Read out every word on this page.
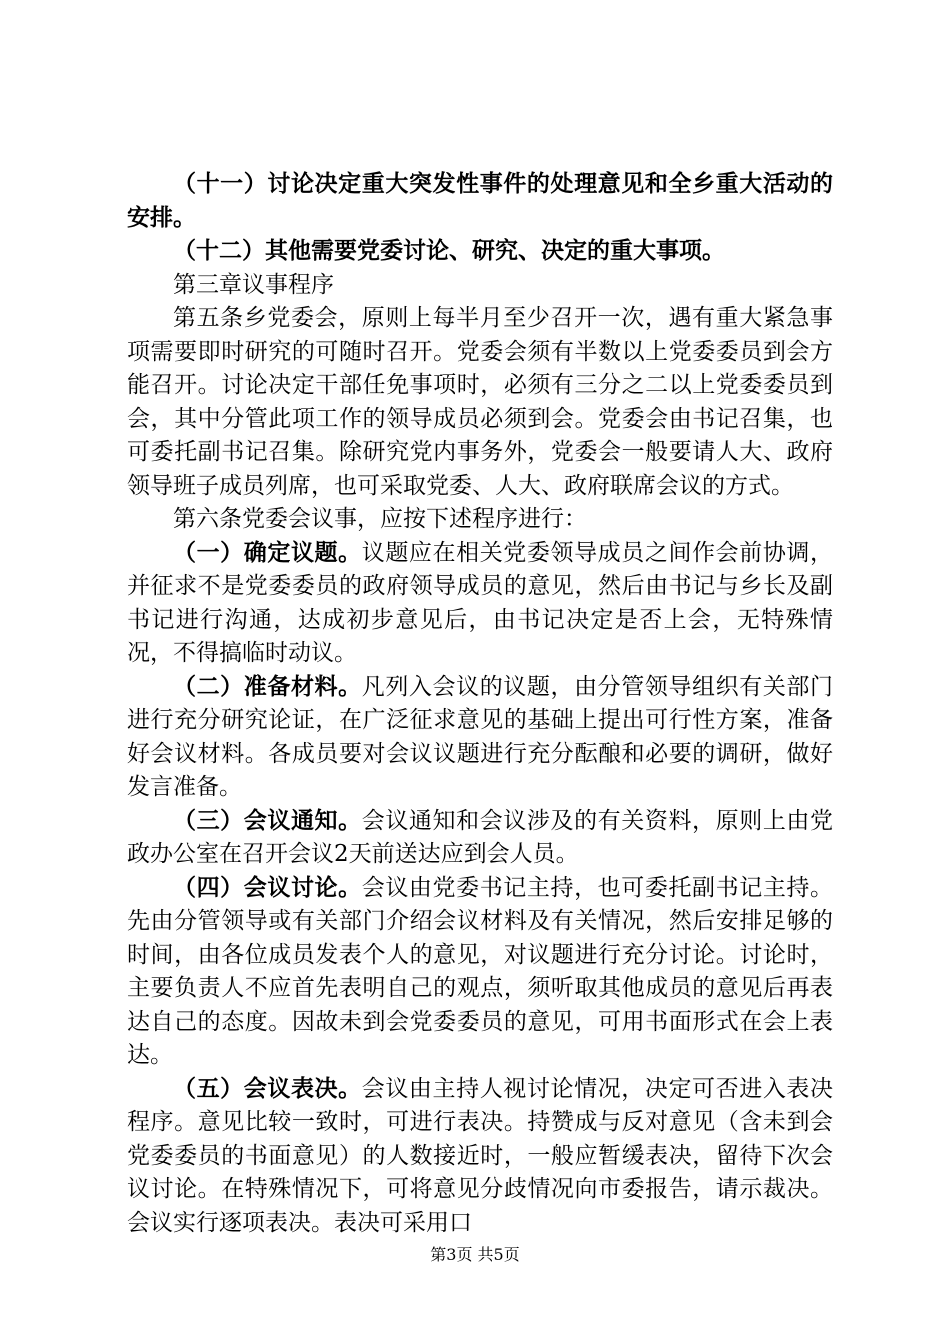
（十一）讨论决定重大突发性事件的处理意见和全乡重大活动的安排。

（十二）其他需要党委讨论、研究、决定的重大事项。

第三章议事程序

第五条乡党委会，原则上每半月至少召开一次，遇有重大紧急事项需要即时研究的可随时召开。党委会须有半数以上党委委员到会方能召开。讨论决定干部任免事项时，必须有三分之二以上党委委员到会，其中分管此项工作的领导成员必须到会。党委会由书记召集，也可委托副书记召集。除研究党内事务外，党委会一般要请人大、政府领导班子成员列席，也可采取党委、人大、政府联席会议的方式。

第六条党委会议事，应按下述程序进行：

（一）确定议题。议题应在相关党委领导成员之间作会前协调，并征求不是党委委员的政府领导成员的意见，然后由书记与乡长及副书记进行沟通，达成初步意见后，由书记决定是否上会，无特殊情况，不得搞临时动议。

（二）准备材料。凡列入会议的议题，由分管领导组织有关部门进行充分研究论证，在广泛征求意见的基础上提出可行性方案，准备好会议材料。各成员要对会议议题进行充分酝酿和必要的调研，做好发言准备。

（三）会议通知。会议通知和会议涉及的有关资料，原则上由党政办公室在召开会议2天前送达应到会人员。

（四）会议讨论。会议由党委书记主持，也可委托副书记主持。先由分管领导或有关部门介绍会议材料及有关情况，然后安排足够的时间，由各位成员发表个人的意见，对议题进行充分讨论。讨论时，主要负责人不应首先表明自己的观点，须听取其他成员的意见后再表达自己的态度。因故未到会党委委员的意见，可用书面形式在会上表达。

（五）会议表决。会议由主持人视讨论情况，决定可否进入表决程序。意见比较一致时，可进行表决。持赞成与反对意见（含未到会党委委员的书面意见）的人数接近时，一般应暂缓表决，留待下次会议讨论。在特殊情况下，可将意见分歧情况向市委报告，请示裁决。会议实行逐项表决。表决可采用口

第3页 共5页
